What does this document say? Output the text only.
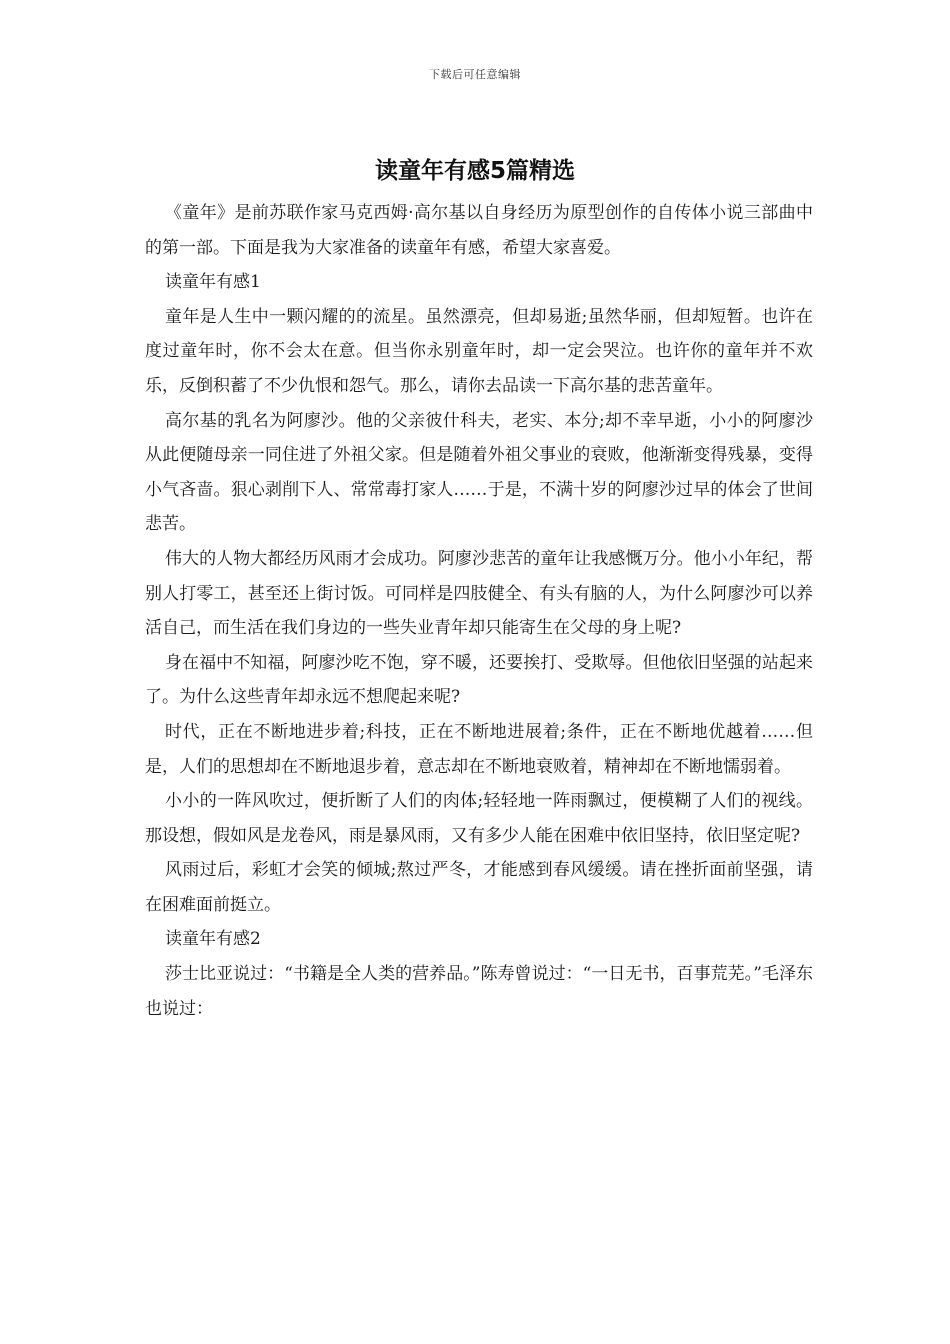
下载后可任意编辑
读童年有感5篇精选

《童年》是前苏联作家马克西姆·高尔基以自身经历为原型创作的自传体小说三部曲中的第一部。下面是我为大家准备的读童年有感，希望大家喜爱。

读童年有感1

童年是人生中一颗闪耀的的流星。虽然漂亮，但却易逝;虽然华丽，但却短暂。也许在度过童年时，你不会太在意。但当你永别童年时，却一定会哭泣。也许你的童年并不欢乐，反倒积蓄了不少仇恨和怨气。那么，请你去品读一下高尔基的悲苦童年。

高尔基的乳名为阿廖沙。他的父亲彼什科夫，老实、本分;却不幸早逝，小小的阿廖沙从此便随母亲一同住进了外祖父家。但是随着外祖父事业的衰败，他渐渐变得残暴，变得小气吝啬。狠心剥削下人、常常毒打家人……于是，不满十岁的阿廖沙过早的体会了世间悲苦。

伟大的人物大都经历风雨才会成功。阿廖沙悲苦的童年让我感慨万分。他小小年纪，帮别人打零工，甚至还上街讨饭。可同样是四肢健全、有头有脑的人，为什么阿廖沙可以养活自己，而生活在我们身边的一些失业青年却只能寄生在父母的身上呢?

身在福中不知福，阿廖沙吃不饱，穿不暖，还要挨打、受欺辱。但他依旧坚强的站起来了。为什么这些青年却永远不想爬起来呢?

时代，正在不断地进步着;科技，正在不断地进展着;条件，正在不断地优越着……但是，人们的思想却在不断地退步着，意志却在不断地衰败着，精神却在不断地懦弱着。

小小的一阵风吹过，便折断了人们的肉体;轻轻地一阵雨飘过，便模糊了人们的视线。那设想，假如风是龙卷风，雨是暴风雨，又有多少人能在困难中依旧坚持，依旧坚定呢?

风雨过后，彩虹才会笑的倾城;熬过严冬，才能感到春风缓缓。请在挫折面前坚强，请在困难面前挺立。

读童年有感2

莎士比亚说过：“书籍是全人类的营养品。”陈寿曾说过：“一日无书，百事荒芜。”毛泽东也说过：
